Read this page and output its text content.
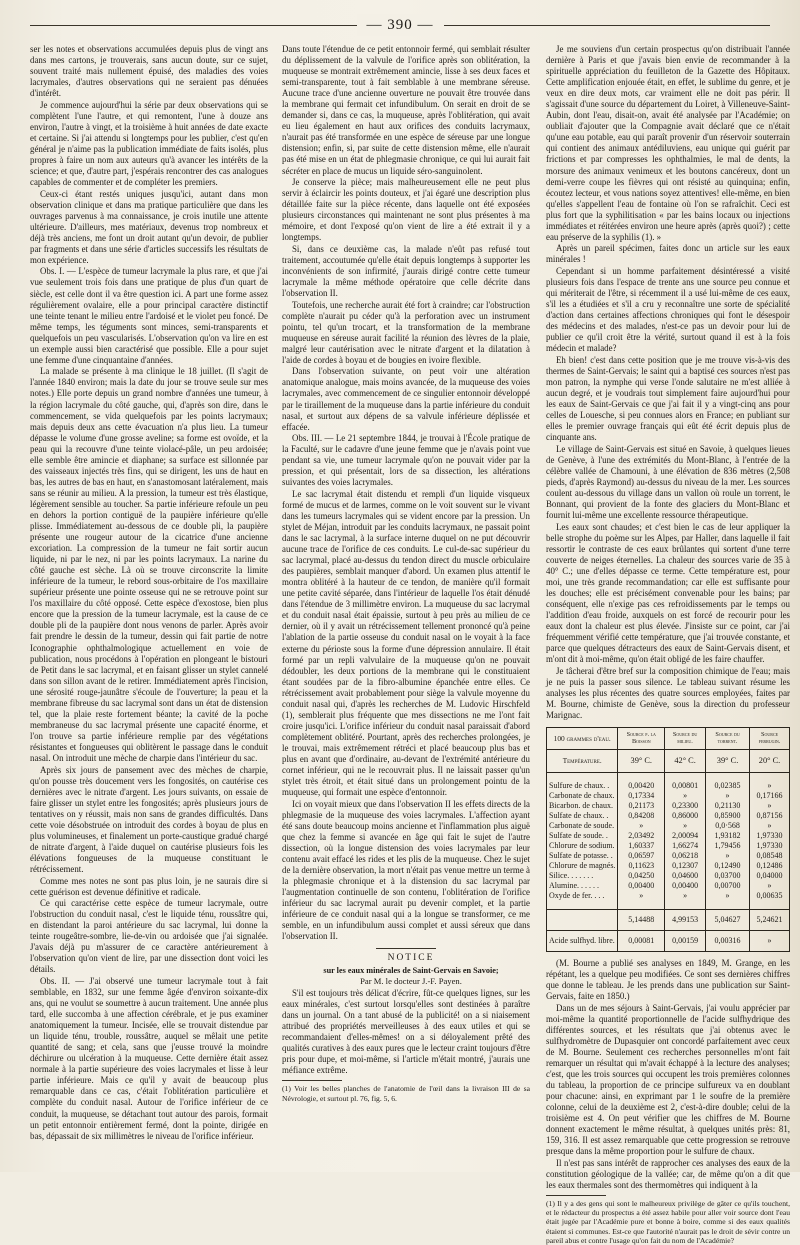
— 390 —

ser les notes et observations accumulées depuis plus de vingt ans dans mes cartons, je trouverais, sans aucun doute, sur ce sujet, souvent traité mais nullement épuisé, des maladies des voies lacrymales, d'autres observations qui ne seraient pas dénuées d'intérêt.

Je commence aujourd'hui la série par deux observations qui se complètent l'une l'autre, et qui remontent, l'une à douze ans environ, l'autre à vingt, et la troisième à huit années de date exacte et certaine. Si j'ai attendu si longtemps pour les publier, c'est qu'en général je n'aime pas la publication immédiate de faits isolés, plus propres à faire un nom aux auteurs qu'à avancer les intérêts de la science; et que, d'autre part, j'espérais rencontrer des cas analogues capables de commenter et de compléter les premiers.

Ceux-ci étant restés uniques jusqu'ici, autant dans mon observation clinique et dans ma pratique particulière que dans les ouvrages parvenus à ma connaissance, je crois inutile une attente ultérieure. D'ailleurs, mes matériaux, devenus trop nombreux et déjà très anciens, me font un droit autant qu'un devoir, de publier par fragments et dans une série d'articles successifs les résultats de mon expérience.

Obs. I. — L'espèce de tumeur lacrymale la plus rare, et que j'ai vue seulement trois fois dans une pratique de plus d'un quart de siècle, est celle dont il va être question ici. A part une forme assez régulièrement ovalaire, elle a pour principal caractère distinctif une teinte tenant le milieu entre l'ardoisé et le violet peu foncé. De même temps, les téguments sont minces, semi-transparents et quelquefois un peu vascularisés. L'observation qu'on va lire en est un exemple aussi bien caractérisé que possible. Elle a pour sujet une femme d'une cinquantaine d'années.

La malade se présente à ma clinique le 18 juillet. (Il s'agit de l'année 1840 environ; mais la date du jour se trouve seule sur mes notes.) Elle porte depuis un grand nombre d'années une tumeur, à la région lacrymale du côté gauche, qui, d'après son dire, dans le commencement, se vida quelquefois par les points lacrymaux; mais depuis deux ans cette évacuation n'a plus lieu. La tumeur dépasse le volume d'une grosse aveline; sa forme est ovoïde, et la peau qui la recouvre d'une teinte violacé-pâle, un peu ardoisée; elle semble être amincie et diaphane; sa surface est sillonnée par des vaisseaux injectés très fins, qui se dirigent, les uns de haut en bas, les autres de bas en haut, en s'anastomosant latéralement, mais sans se réunir au milieu. A la pression, la tumeur est très élastique, légèrement sensible au toucher. Sa partie inférieure refoule un peu en dehors la portion contiguë de la paupière inférieure qu'elle plisse. Immédiatement au-dessous de ce double pli, la paupière présente une rougeur autour de la cicatrice d'une ancienne excoriation. La compression de la tumeur ne fait sortir aucun liquide, ni par le nez, ni par les points lacrymaux. La narine du côté gauche est sèche. Là où se trouve circonscrite la limite inférieure de la tumeur, le rebord sous-orbitaire de l'os maxillaire supérieur présente une pointe osseuse qui ne se retrouve point sur l'os maxillaire du côté opposé. Cette espèce d'exostose, bien plus encore que la pression de la tumeur lacrymale, est la cause de ce double pli de la paupière dont nous venons de parler. Après avoir fait prendre le dessin de la tumeur, dessin qui fait partie de notre Iconographie ophthalmologique actuellement en voie de publication, nous procédons à l'opération en plongeant le bistouri de Petit dans le sac lacrymal, et en faisant glisser un stylet cannelé dans son sillon avant de le retirer. Immédiatement après l'incision, une sérosité rouge-jaunâtre s'écoule de l'ouverture; la peau et la membrane fibreuse du sac lacrymal sont dans un état de distension tel, que la plaie reste fortement béante; la cavité de la poche membraneuse du sac lacrymal présente une capacité énorme, et l'on trouve sa partie inférieure remplie par des végétations résistantes et fongueuses qui oblitèrent le passage dans le conduit nasal. On introduit une mèche de charpie dans l'intérieur du sac.

Après six jours de pansement avec des mèches de charpie, qu'on pousse très doucement vers les fongosités, on cautérise ces dernières avec le nitrate d'argent. Les jours suivants, on essaie de faire glisser un stylet entre les fongosités; après plusieurs jours de tentatives on y réussit, mais non sans de grandes difficultés. Dans cette voie désobstruée on introduit des cordes à boyau de plus en plus volumineuses, et finalement un porte-caustique gradué chargé de nitrate d'argent, à l'aide duquel on cautérise plusieurs fois les élévations fongueuses de la muqueuse constituant le rétrécissement.

Comme mes notes ne sont pas plus loin, je ne saurais dire si cette guérison est devenue définitive et radicale.

Ce qui caractérise cette espèce de tumeur lacrymale, outre l'obstruction du conduit nasal, c'est le liquide ténu, roussâtre qui, en distendant la paroi antérieure du sac lacrymal, lui donne la teinte rougeâtre-sombre, lie-de-vin ou ardoisée que j'ai signalée. J'avais déjà pu m'assurer de ce caractère antérieurement à l'observation qu'on vient de lire, par une dissection dont voici les détails.

Obs. II. — J'ai observé une tumeur lacrymale tout à fait semblable, en 1832, sur une femme âgée d'environ soixante-dix ans, qui ne voulut se soumettre à aucun traitement. Une année plus tard, elle succomba à une affection cérébrale, et je pus examiner anatomiquement la tumeur. Incisée, elle se trouvait distendue par un liquide ténu, trouble, roussâtre, auquel se mêlait une petite quantité de sang; et cela, sans que j'eusse trouvé la moindre déchirure ou ulcération à la muqueuse. Cette dernière était assez normale à la partie supérieure des voies lacrymales et lisse à leur partie inférieure. Mais ce qu'il y avait de beaucoup plus remarquable dans ce cas, c'était l'oblitération particulière et complète du conduit nasal. Autour de l'orifice inférieur de ce conduit, la muqueuse, se détachant tout autour des parois, formait un petit entonnoir entièrement fermé, dont la pointe, dirigée en bas, dépassait de six millimètres le niveau de l'orifice inférieur.

Dans toute l'étendue de ce petit entonnoir fermé, qui semblait résulter du déplissement de la valvule de l'orifice après son oblitération, la muqueuse se montrait extrêmement amincie, lisse à ses deux faces et semi-transparente, tout à fait semblable à une membrane séreuse. Aucune trace d'une ancienne ouverture ne pouvait être trouvée dans la membrane qui fermait cet infundibulum. On serait en droit de se demander si, dans ce cas, la muqueuse, après l'oblitération, qui avait eu lieu également en haut aux orifices des conduits lacrymaux, n'aurait pas été transformée en une espèce de séreuse par une longue distension; enfin, si, par suite de cette distension même, elle n'aurait pas été mise en un état de phlegmasie chronique, ce qui lui aurait fait sécréter en place de mucus un liquide séro-sanguinolent.

Je conserve la pièce; mais malheureusement elle ne peut plus servir à éclaircir les points douteux, et j'ai égaré une description plus détaillée faite sur la pièce récente, dans laquelle ont été exposées plusieurs circonstances qui maintenant ne sont plus présentes à ma mémoire, et dont l'exposé qu'on vient de lire a été extrait il y a longtemps.

Si, dans ce deuxième cas, la malade n'eût pas refusé tout traitement, accoutumée qu'elle était depuis longtemps à supporter les inconvénients de son infirmité, j'aurais dirigé contre cette tumeur lacrymale la même méthode opératoire que celle décrite dans l'observation II.

Toutefois, une recherche aurait été fort à craindre; car l'obstruction complète n'aurait pu céder qu'à la perforation avec un instrument pointu, tel qu'un trocart, et la transformation de la membrane muqueuse en séreuse aurait facilité la réunion des lèvres de la plaie, malgré leur cautérisation avec le nitrate d'argent et la dilatation à l'aide de cordes à boyau et de bougies en ivoire flexible.

Dans l'observation suivante, on peut voir une altération anatomique analogue, mais moins avancée, de la muqueuse des voies lacrymales, avec commencement de ce singulier entonnoir développé par le tiraillement de la muqueuse dans la partie inférieure du conduit nasal, et surtout aux dépens de sa valvule inférieure déplissée et effacée.

Obs. III. — Le 21 septembre 1844, je trouvai à l'École pratique de la Faculté, sur le cadavre d'une jeune femme que je n'avais point vue pendant sa vie, une tumeur lacrymale qu'on ne pouvait vider par la pression, et qui présentait, lors de sa dissection, les altérations suivantes des voies lacrymales.

Le sac lacrymal était distendu et rempli d'un liquide visqueux formé de mucus et de larmes, comme on le voit souvent sur le vivant dans les tumeurs lacrymales qui se vident encore par la pression. Un stylet de Méjan, introduit par les conduits lacrymaux, ne passait point dans le sac lacrymal, à la surface interne duquel on ne put découvrir aucune trace de l'orifice de ces conduits. Le cul-de-sac supérieur du sac lacrymal, placé au-dessus du tendon direct du muscle orbiculaire des paupières, semblait manquer d'abord. Un examen plus attentif le montra oblitéré à la hauteur de ce tendon, de manière qu'il formait une petite cavité séparée, dans l'intérieur de laquelle l'os était dénudé dans l'étendue de 3 millimètre environ. La muqueuse du sac lacrymal et du conduit nasal était épaissie, surtout à peu près au milieu de ce dernier, où il y avait un rétrécissement tellement prononcé qu'à peine l'ablation de la partie osseuse du conduit nasal on le voyait à la face externe du périoste sous la forme d'une dépression annulaire. Il était formé par un repli valvulaire de la muqueuse qu'on ne pouvait dédoubler, les deux portions de la membrane qui le constituaient étant soudées par de la fibro-albumine épanchée entre elles. Ce rétrécissement avait probablement pour siège la valvule moyenne du conduit nasal qui, d'après les recherches de M. Ludovic Hirschfeld (1), semblerait plus fréquente que mes dissections ne me l'ont fait croire jusqu'ici. L'orifice inférieur du conduit nasal paraissait d'abord complètement oblitéré. Pourtant, après des recherches prolongées, je le trouvai, mais extrêmement rétréci et placé beaucoup plus bas et plus en avant que d'ordinaire, au-devant de l'extrémité antérieure du cornet inférieur, qui ne le recouvrait plus. Il ne laissait passer qu'un stylet très étroit, et était situé dans un prolongement pointu de la muqueuse, qui formait une espèce d'entonnoir.

Ici on voyait mieux que dans l'observation II les effets directs de la phlegmasie de la muqueuse des voies lacrymales. L'affection ayant été sans doute beaucoup moins ancienne et l'inflammation plus aiguë que chez la femme si avancée en âge qui fait le sujet de l'autre dissection, où la longue distension des voies lacrymales par leur contenu avait effacé les rides et les plis de la muqueuse. Chez le sujet de la dernière observation, la mort n'était pas venue mettre un terme à la phlegmasie chronique et à la distension du sac lacrymal par l'augmentation continuelle de son contenu, l'oblitération de l'orifice inférieur du sac lacrymal aurait pu devenir complet, et la partie inférieure de ce conduit nasal qui a la longue se transformer, ce me semble, en un infundibulum aussi complet et aussi séreux que dans l'observation II.

NOTICE

sur les eaux minérales de Saint-Gervais en Savoie;

Par M. le docteur J.-F. Payen.

S'il est toujours très délicat d'écrire, fût-ce quelques lignes, sur les eaux minérales, c'est surtout lorsqu'elles sont destinées à paraître dans un journal. On a tant abusé de la publicité! on a si niaisement attribué des propriétés merveilleuses à des eaux utiles et qui se recommandaient d'elles-mêmes! on a si déloyalement prêté des qualités curatives à des eaux pures que le lecteur craint toujours d'être pris pour dupe, et moi-même, si l'article m'était montré, j'aurais une méfiance extrême.

(1) Voir les belles planches de l'anatomie de l'œil dans la livraison III de sa Névrologie, et surtout pl. 76, fig. 5, 6.

Je me souviens d'un certain prospectus qu'on distribuait l'année dernière à Paris et que j'avais bien envie de recommander à la spirituelle appréciation du feuilleton de la Gazette des Hôpitaux. Cette amplification enjouée était, en effet, le sublime du genre, et je veux en dire deux mots, car vraiment elle ne doit pas périr. Il s'agissait d'une source du département du Loiret, à Villeneuve-Saint-Aubin, dont l'eau, disait-on, avait été analysée par l'Académie; on oubliait d'ajouter que la Compagnie avait déclaré que ce n'était qu'une eau potable, eau qui paraît provenir d'un réservoir souterrain qui contient des animaux antédiluviens, eau unique qui guérit par frictions et par compresses les ophthalmies, le mal de dents, la morsure des animaux venimeux et les boutons cancéreux, dont un demi-verre coupe les fièvres qui ont résisté au quinquina; enfin, écoutez lecteur, et vous nations soyez attentives! elle-même, en bien qu'elles s'appellent l'eau de fontaine où l'on se rafraîchit. Ceci est plus fort que la syphilitisation « par les bains locaux ou injections immédiates et réitérées environ une heure après (après quoi?) ; cette eau préserve de la syphilis (1). »

Après un pareil spécimen, faites donc un article sur les eaux minérales !

Cependant si un homme parfaitement désintéressé a visité plusieurs fois dans l'espace de trente ans une source peu connue et qui mériterait de l'être, si récemment il a usé lui-même de ces eaux, s'il les a étudiées et s'il a cru y reconnaître une sorte de spécialité d'action dans certaines affections chroniques qui font le désespoir des médecins et des malades, n'est-ce pas un devoir pour lui de publier ce qu'il croit être la vérité, surtout quand il est à la fois médecin et malade?

Eh bien! c'est dans cette position que je me trouve vis-à-vis des thermes de Saint-Gervais; le saint qui a baptisé ces sources n'est pas mon patron, la nymphe qui verse l'onde salutaire ne m'est alliée à aucun degré, et je voudrais tout simplement faire aujourd'hui pour les eaux de Saint-Gervais ce que j'ai fait il y a vingt-cinq ans pour celles de Louesche, si peu connues alors en France; en publiant sur elles le premier ouvrage français qui eût été écrit depuis plus de cinquante ans.

Le village de Saint-Gervais est situé en Savoie, à quelques lieues de Genève, à l'une des extrémités du Mont-Blanc, à l'entrée de la célèbre vallée de Chamouni, à une élévation de 836 mètres (2,508 pieds, d'après Raymond) au-dessus du niveau de la mer. Les sources coulent au-dessous du village dans un vallon où roule un torrent, le Bonnant, qui provient de la fonte des glaciers du Mont-Blanc et fournit lui-même une excellente ressource thérapeutique.

Les eaux sont chaudes; et c'est bien le cas de leur appliquer la belle strophe du poème sur les Alpes, par Haller, dans laquelle il fait ressortir le contraste de ces eaux brûlantes qui sortent d'une terre couverte de neiges éternelles. La chaleur des sources varie de 35 à 40° C.; une d'elles dépasse ce terme. Cette température est, pour moi, une très grande recommandation; car elle est suffisante pour les douches; elle est précisément convenable pour les bains; par conséquent, elle n'exige pas ces refroidissements par le temps ou l'addition d'eau froide, auxquels on est forcé de recourir pour les eaux dont la chaleur est plus élevée. J'insiste sur ce point, car j'ai fréquemment vérifié cette température, que j'ai trouvée constante, et parce que quelques détracteurs des eaux de Saint-Gervais disent, et m'ont dit à moi-même, qu'on était obligé de les faire chauffer.

Je tâcherai d'être bref sur la composition chimique de l'eau; mais je ne puis la passer sous silence. Le tableau suivant résume les analyses les plus récentes des quatre sources employées, faites par M. Bourne, chimiste de Genève, sous la direction du professeur Marignac.

100 grammes d'eau.	Source p. la Boisson	Source du milieu.	Source du torrent.	Source ferrugin.
Température.	39° C.	42° C.	39° C.	20° C.

Sulfure de chaux. .	0,00420	0,00801	0,02385	»
Carbonate de chaux.	0,17334	»	»	0,17166
Bicarbon. de chaux.	0,21173	0,23300	0,21130	»
Sulfate de chaux. .	0,84208	0,86000	0,85900	0,87156
Carbonate de soude.	»	»	0,0·568	»
Sulfate de soude. .	2,03492	2,00094	1,93182	1,97330
Chlorure de sodium.	1,60337	1,66274	1,79456	1,97330
Sulfate de potasse. .	0,06597	0,06218	»	0,08548
Chlorure de magnés.	0,11623	0,12307	0,12490	0,12486
Silice. . . . . . .	0,04250	0,04600	0,03700	0,04000
Alumine. . . . . .	0,00400	0,00400	0,00700	»
Oxyde de fer. . . .	»	»	»	0,00635

	5,14488	4,99153	5,04627	5,24621
Acide sulfhyd. libre.	0,00081	0,00159	0,00316	»

(M. Bourne a publié ses analyses en 1849, M. Grange, en les répétant, les a quelque peu modifiées. Ce sont ses dernières chiffres que donne le tableau. Je les prends dans une publication sur Saint-Gervais, faite en 1850.)

Dans un de mes séjours à Saint-Gervais, j'ai voulu apprécier par moi-même la quantité proportionnelle de l'acide sulfhydrique des différentes sources, et les résultats que j'ai obtenus avec le sulfhydromètre de Dupasquier ont concordé parfaitement avec ceux de M. Bourne. Seulement ces recherches personnelles m'ont fait remarquer un résultat qui m'avait échappé à la lecture des analyses; c'est, que les trois sources qui occupent les trois premières colonnes du tableau, la proportion de ce principe sulfureux va en doublant pour chacune: ainsi, en exprimant par 1 le soufre de la première colonne, celui de la deuxième est 2, c'est-à-dire double; celui de la troisième est 4. On peut vérifier que les chiffres de M. Bourne donnent exactement le même résultat, à quelques unités près: 81, 159, 316. Il est assez remarquable que cette progression se retrouve presque dans la même proportion pour le sulfure de chaux.

Il n'est pas sans intérêt de rapprocher ces analyses des eaux de la constitution géologique de la vallée; car, de même qu'on a dit que les eaux thermales sont des thermomètres qui indiquent à la

(1) Il y a des gens qui sont le malheureux privilège de gâter ce qu'ils touchent, et le rédacteur du prospectus a été assez habile pour aller voir source dont l'eau était jugée par l'Académie pure et bonne à boire, comme si des eaux qualités étaient si communes. Est-ce que l'autorité n'aurait pas le droit de sévir contre un pareil abus et contre l'usage qu'on fait du nom de l'Académie?
